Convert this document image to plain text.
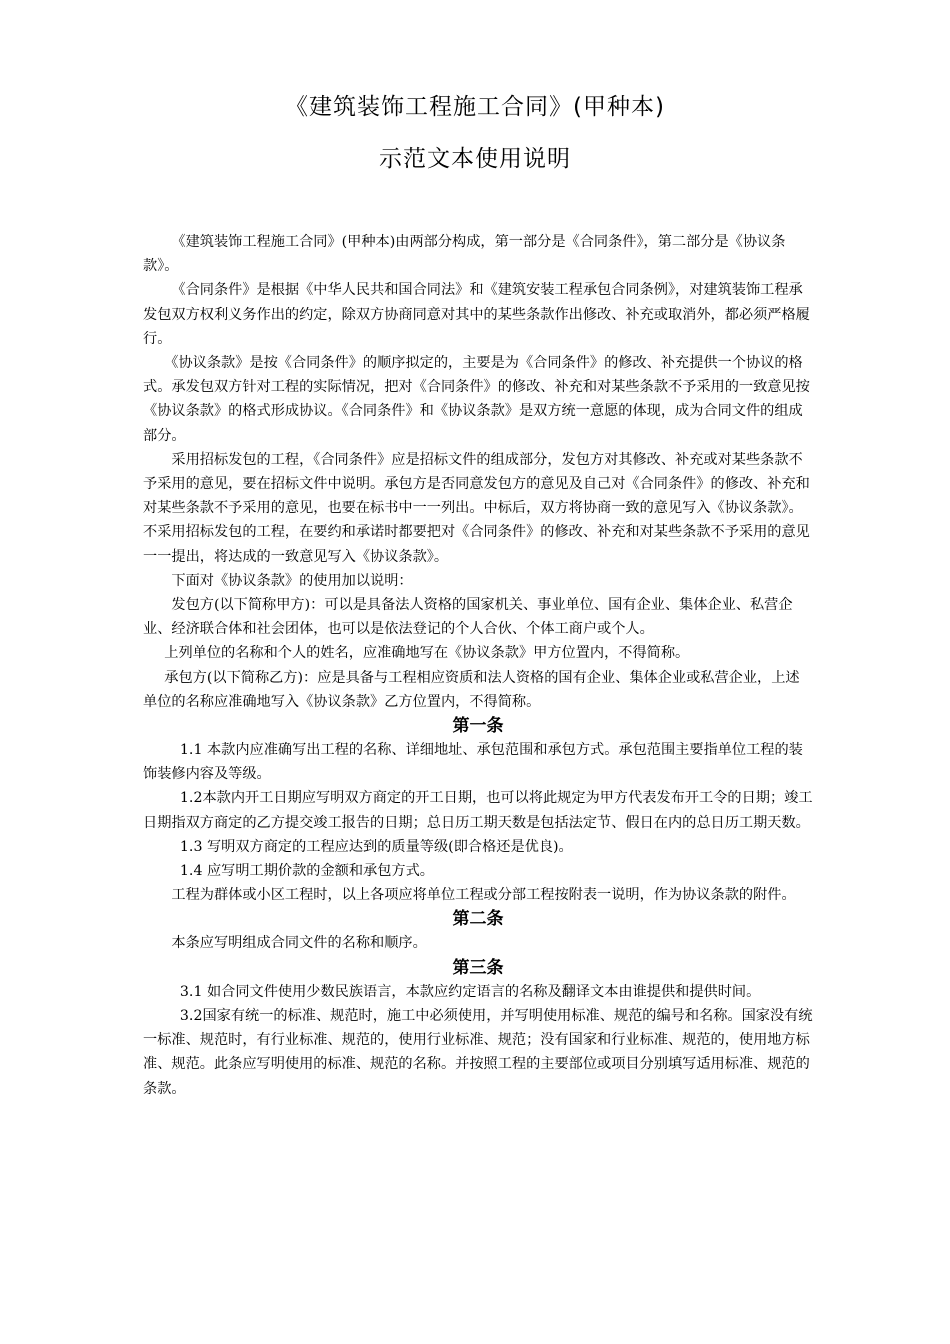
《建筑装饰工程施工合同》(甲种本)
示范文本使用说明

《建筑装饰工程施工合同》(甲种本)由两部分构成，第一部分是《合同条件》，第二部分是《协议条款》。

《合同条件》是根据《中华人民共和国合同法》和《建筑安装工程承包合同条例》，对建筑装饰工程承发包双方权利义务作出的约定，除双方协商同意对其中的某些条款作出修改、补充或取消外，都必须严格履行。

《协议条款》是按《合同条件》的顺序拟定的，主要是为《合同条件》的修改、补充提供一个协议的格式。承发包双方针对工程的实际情况，把对《合同条件》的修改、补充和对某些条款不予采用的一致意见按《协议条款》的格式形成协议。《合同条件》和《协议条款》是双方统一意愿的体现，成为合同文件的组成部分。

采用招标发包的工程，《合同条件》应是招标文件的组成部分，发包方对其修改、补充或对某些条款不予采用的意见，要在招标文件中说明。承包方是否同意发包方的意见及自己对《合同条件》的修改、补充和对某些条款不予采用的意见，也要在标书中一一列出。中标后，双方将协商一致的意见写入《协议条款》。不采用招标发包的工程，在要约和承诺时都要把对《合同条件》的修改、补充和对某些条款不予采用的意见一一提出，将达成的一致意见写入《协议条款》。

下面对《协议条款》的使用加以说明：

发包方(以下简称甲方)：可以是具备法人资格的国家机关、事业单位、国有企业、集体企业、私营企业、经济联合体和社会团体，也可以是依法登记的个人合伙、个体工商户或个人。

上列单位的名称和个人的姓名，应准确地写在《协议条款》甲方位置内，不得简称。

承包方(以下简称乙方)：应是具备与工程相应资质和法人资格的国有企业、集体企业或私营企业，上述单位的名称应准确地写入《协议条款》乙方位置内，不得简称。

第一条

1.1 本款内应准确写出工程的名称、详细地址、承包范围和承包方式。承包范围主要指单位工程的装饰装修内容及等级。

1.2本款内开工日期应写明双方商定的开工日期，也可以将此规定为甲方代表发布开工令的日期；竣工日期指双方商定的乙方提交竣工报告的日期；总日历工期天数是包括法定节、假日在内的总日历工期天数。

1.3 写明双方商定的工程应达到的质量等级(即合格还是优良)。

1.4 应写明工期价款的金额和承包方式。

工程为群体或小区工程时，以上各项应将单位工程或分部工程按附表一说明，作为协议条款的附件。

第二条

本条应写明组成合同文件的名称和顺序。

第三条

3.1 如合同文件使用少数民族语言，本款应约定语言的名称及翻译文本由谁提供和提供时间。

3.2国家有统一的标准、规范时，施工中必须使用，并写明使用标准、规范的编号和名称。国家没有统一标准、规范时，有行业标准、规范的，使用行业标准、规范；没有国家和行业标准、规范的，使用地方标准、规范。此条应写明使用的标准、规范的名称。并按照工程的主要部位或项目分别填写适用标准、规范的条款。
